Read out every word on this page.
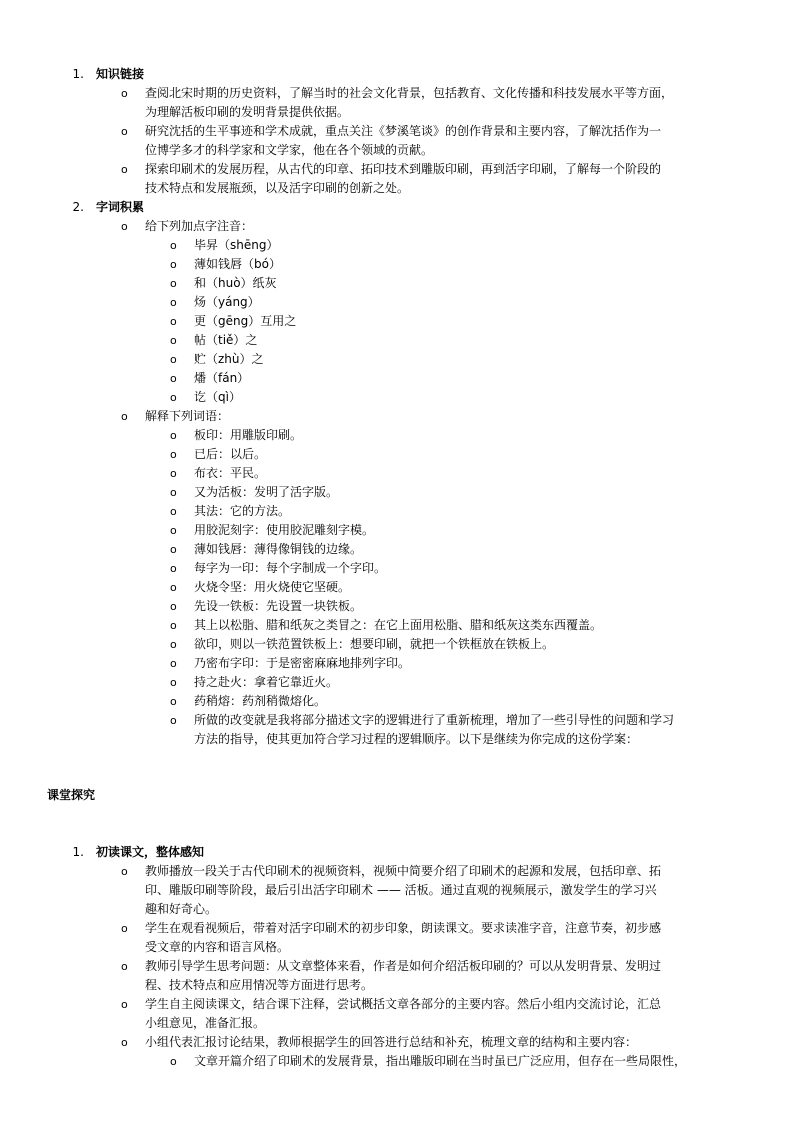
1. 知识链接
o 查阅北宋时期的历史资料，了解当时的社会文化背景，包括教育、文化传播和科技发展水平等方面，
为理解活板印刷的发明背景提供依据。
o 研究沈括的生平事迹和学术成就，重点关注《梦溪笔谈》的创作背景和主要内容，了解沈括作为一
位博学多才的科学家和文学家，他在各个领域的贡献。
o 探索印刷术的发展历程，从古代的印章、拓印技术到雕版印刷，再到活字印刷，了解每一个阶段的
技术特点和发展瓶颈，以及活字印刷的创新之处。
2. 字词积累
o 给下列加点字注音：
o 毕昇（shēng）
o 薄如钱唇（bó）
o 和（huò）纸灰
o 炀（yáng）
o 更（gēng）互用之
o 帖（tiě）之
o 贮（zhù）之
o 燔（fán）
o 讫（qì）
o 解释下列词语：
o 板印：用雕版印刷。
o 已后：以后。
o 布衣：平民。
o 又为活板：发明了活字版。
o 其法：它的方法。
o 用胶泥刻字：使用胶泥雕刻字模。
o 薄如钱唇：薄得像铜钱的边缘。
o 每字为一印：每个字制成一个字印。
o 火烧令坚：用火烧使它坚硬。
o 先设一铁板：先设置一块铁板。
o 其上以松脂、腊和纸灰之类冒之：在它上面用松脂、腊和纸灰这类东西覆盖。
o 欲印，则以一铁范置铁板上：想要印刷，就把一个铁框放在铁板上。
o 乃密布字印：于是密密麻麻地排列字印。
o 持之赴火：拿着它靠近火。
o 药稍熔：药剂稍微熔化。
o 所做的改变就是我将部分描述文字的逻辑进行了重新梳理，增加了一些引导性的问题和学习
方法的指导，使其更加符合学习过程的逻辑顺序。以下是继续为你完成的这份学案：
课堂探究
1. 初读课文，整体感知
o 教师播放一段关于古代印刷术的视频资料，视频中简要介绍了印刷术的起源和发展，包括印章、拓
印、雕版印刷等阶段，最后引出活字印刷术 —— 活板。通过直观的视频展示，激发学生的学习兴
趣和好奇心。
o 学生在观看视频后，带着对活字印刷术的初步印象，朗读课文。要求读准字音，注意节奏，初步感
受文章的内容和语言风格。
o 教师引导学生思考问题：从文章整体来看，作者是如何介绍活板印刷的？可以从发明背景、发明过
程、技术特点和应用情况等方面进行思考。
o 学生自主阅读课文，结合课下注释，尝试概括文章各部分的主要内容。然后小组内交流讨论，汇总
小组意见，准备汇报。
o 小组代表汇报讨论结果，教师根据学生的回答进行总结和补充，梳理文章的结构和主要内容：
o 文章开篇介绍了印刷术的发展背景，指出雕版印刷在当时虽已广泛应用，但存在一些局限性，
